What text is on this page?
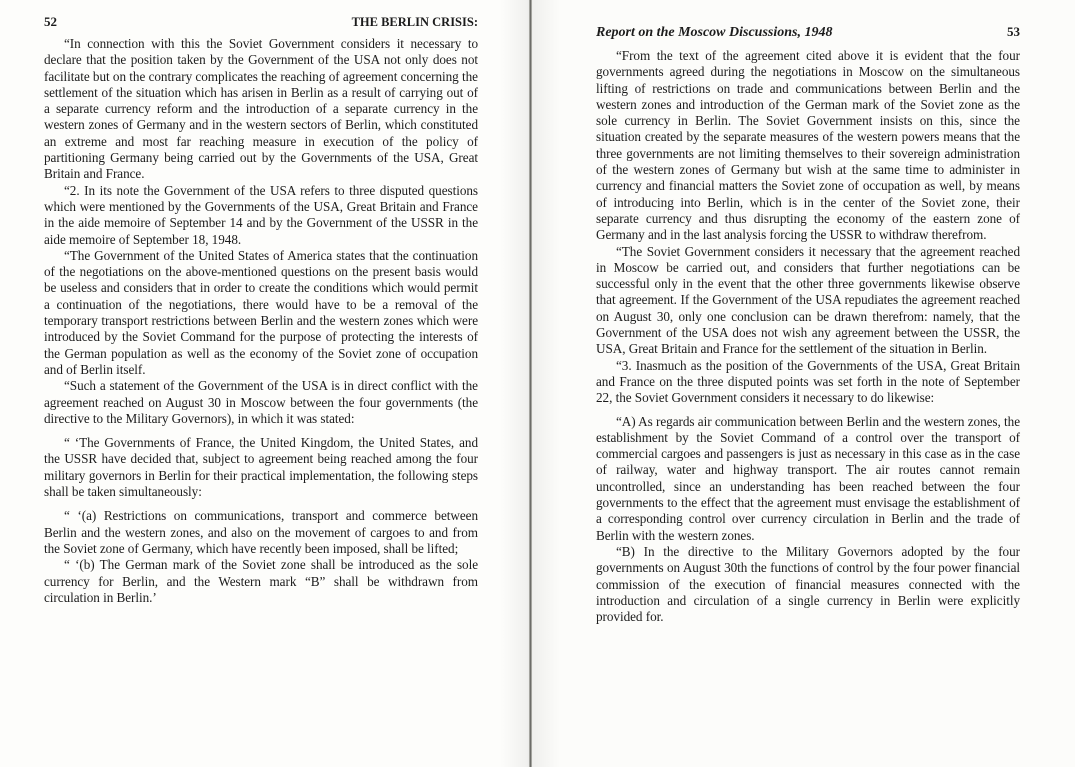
52	THE BERLIN CRISIS:

“In connection with this the Soviet Government considers it necessary to declare that the position taken by the Government of the USA not only does not facilitate but on the contrary complicates the reaching of agreement concerning the settlement of the situation which has arisen in Berlin as a result of carrying out of a separate currency reform and the introduction of a separate currency in the western zones of Germany and in the western sectors of Berlin, which constituted an extreme and most far reaching measure in execution of the policy of partitioning Germany being carried out by the Governments of the USA, Great Britain and France.

“2. In its note the Government of the USA refers to three disputed questions which were mentioned by the Governments of the USA, Great Britain and France in the aide memoire of September 14 and by the Government of the USSR in the aide memoire of September 18, 1948.

“The Government of the United States of America states that the continuation of the negotiations on the above-mentioned questions on the present basis would be useless and considers that in order to create the conditions which would permit a continuation of the negotiations, there would have to be a removal of the temporary transport restrictions between Berlin and the western zones which were introduced by the Soviet Command for the purpose of protecting the interests of the German population as well as the economy of the Soviet zone of occupation and of Berlin itself.

“Such a statement of the Government of the USA is in direct conflict with the agreement reached on August 30 in Moscow between the four governments (the directive to the Military Governors), in which it was stated:

“ ‘The Governments of France, the United Kingdom, the United States, and the USSR have decided that, subject to agreement being reached among the four military governors in Berlin for their practical implementation, the following steps shall be taken simultaneously:

“ ‘(a) Restrictions on communications, transport and commerce between Berlin and the western zones, and also on the movement of cargoes to and from the Soviet zone of Germany, which have recently been imposed, shall be lifted;

“ ‘(b) The German mark of the Soviet zone shall be introduced as the sole currency for Berlin, and the Western mark “B” shall be withdrawn from circulation in Berlin.’

Report on the Moscow Discussions, 1948	53

“From the text of the agreement cited above it is evident that the four governments agreed during the negotiations in Moscow on the simultaneous lifting of restrictions on trade and communications between Berlin and the western zones and introduction of the German mark of the Soviet zone as the sole currency in Berlin. The Soviet Government insists on this, since the situation created by the separate measures of the western powers means that the three governments are not limiting themselves to their sovereign administration of the western zones of Germany but wish at the same time to administer in currency and financial matters the Soviet zone of occupation as well, by means of introducing into Berlin, which is in the center of the Soviet zone, their separate currency and thus disrupting the economy of the eastern zone of Germany and in the last analysis forcing the USSR to withdraw therefrom.

“The Soviet Government considers it necessary that the agreement reached in Moscow be carried out, and considers that further negotiations can be successful only in the event that the other three governments likewise observe that agreement. If the Government of the USA repudiates the agreement reached on August 30, only one conclusion can be drawn therefrom: namely, that the Government of the USA does not wish any agreement between the USSR, the USA, Great Britain and France for the settlement of the situation in Berlin.

“3. Inasmuch as the position of the Governments of the USA, Great Britain and France on the three disputed points was set forth in the note of September 22, the Soviet Government considers it necessary to do likewise:

“A) As regards air communication between Berlin and the western zones, the establishment by the Soviet Command of a control over the transport of commercial cargoes and passengers is just as necessary in this case as in the case of railway, water and highway transport. The air routes cannot remain uncontrolled, since an understanding has been reached between the four governments to the effect that the agreement must envisage the establishment of a corresponding control over currency circulation in Berlin and the trade of Berlin with the western zones.

“B) In the directive to the Military Governors adopted by the four governments on August 30th the functions of control by the four power financial commission of the execution of financial measures connected with the introduction and circulation of a single currency in Berlin were explicitly provided for.
